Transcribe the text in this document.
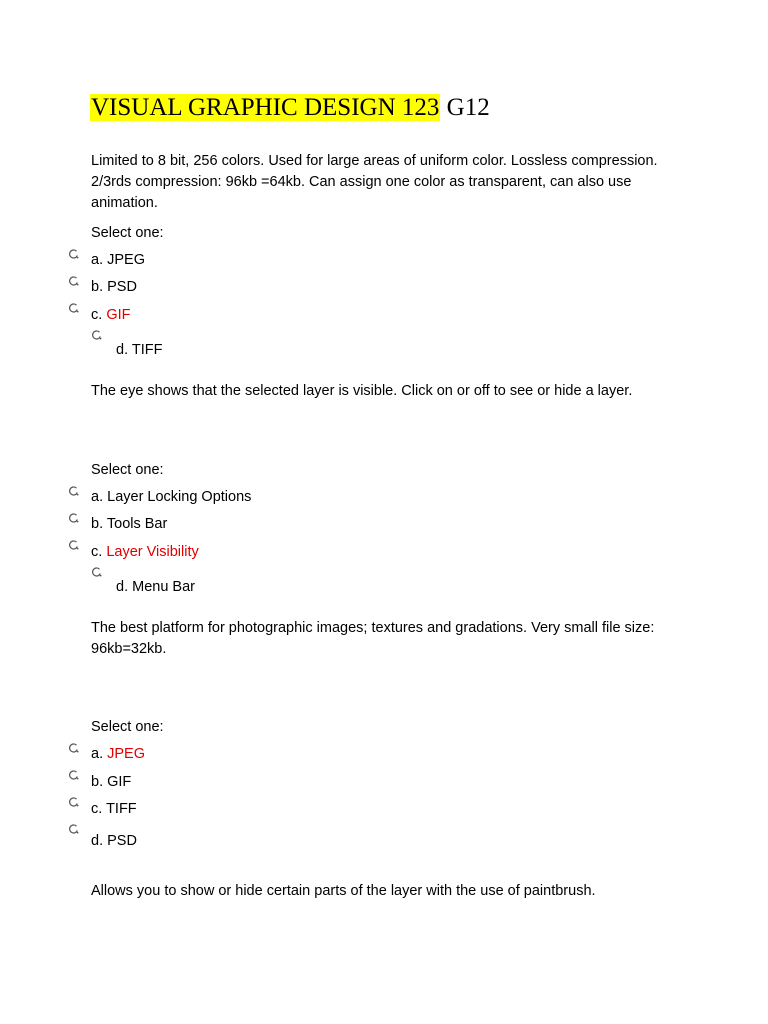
VISUAL GRAPHIC DESIGN 123 G12
Limited to 8 bit, 256 colors. Used for large areas of uniform color. Lossless compression.
2/3rds compression: 96kb =64kb. Can assign one color as transparent, can also use
animation.
Select one:
a. JPEG
b. PSD
c. GIF
d. TIFF
The eye shows that the selected layer is visible. Click on or off to see or hide a layer.
Select one:
a. Layer Locking Options
b. Tools Bar
c. Layer Visibility
d. Menu Bar
The best platform for photographic images; textures and gradations. Very small file size:
96kb=32kb.
Select one:
a. JPEG
b. GIF
c. TIFF
d. PSD
Allows you to show or hide certain parts of the layer with the use of paintbrush.
